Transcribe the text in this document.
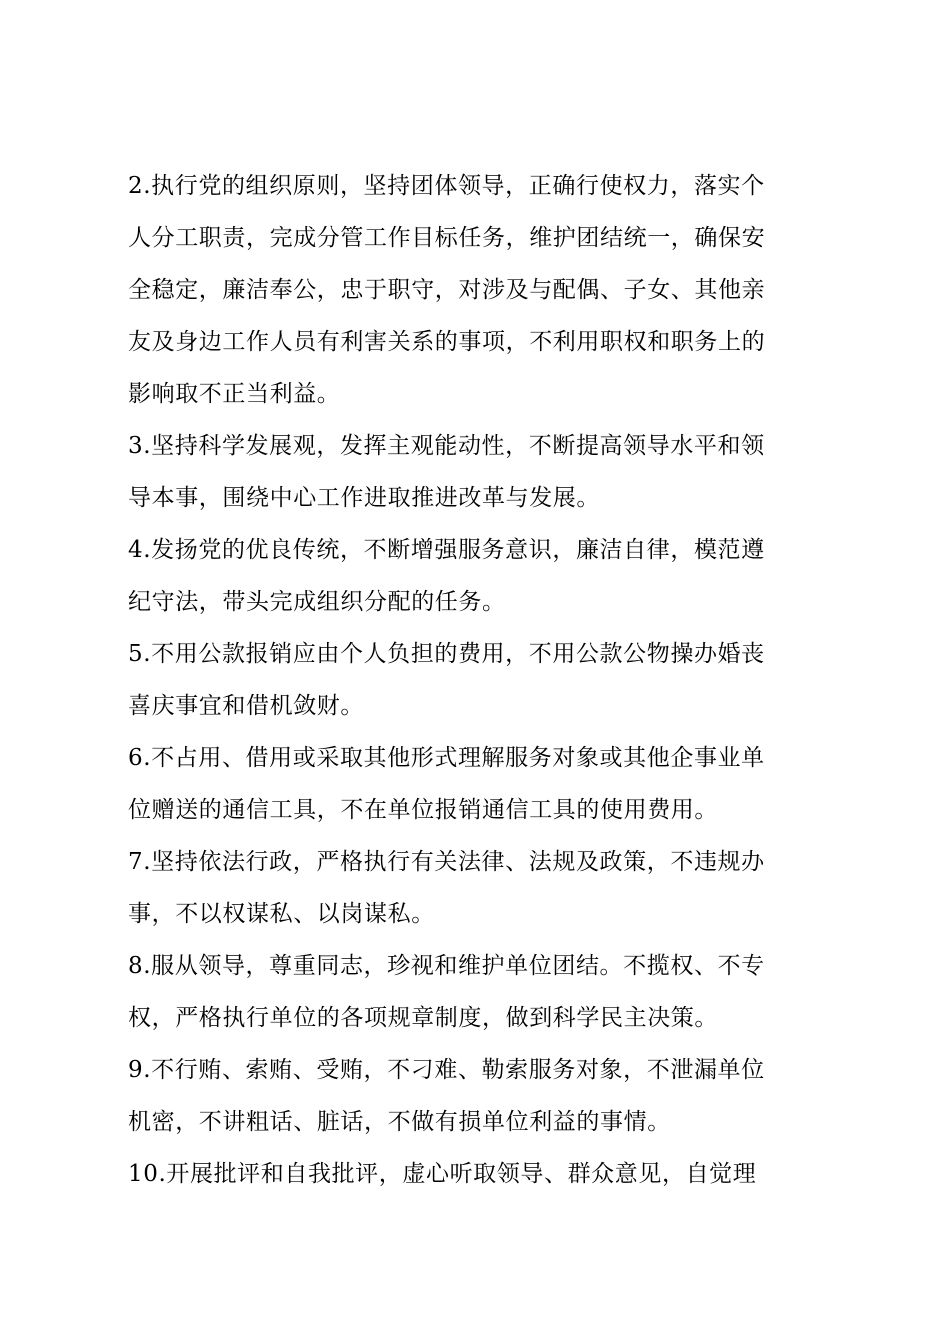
2.执行党的组织原则，坚持团体领导，正确行使权力，落实个
人分工职责，完成分管工作目标任务，维护团结统一，确保安
全稳定，廉洁奉公，忠于职守，对涉及与配偶、子女、其他亲
友及身边工作人员有利害关系的事项，不利用职权和职务上的
影响取不正当利益。
3.坚持科学发展观，发挥主观能动性，不断提高领导水平和领
导本事，围绕中心工作进取推进改革与发展。
4.发扬党的优良传统，不断增强服务意识，廉洁自律，模范遵
纪守法，带头完成组织分配的任务。
5.不用公款报销应由个人负担的费用，不用公款公物操办婚丧
喜庆事宜和借机敛财。
6.不占用、借用或采取其他形式理解服务对象或其他企事业单
位赠送的通信工具，不在单位报销通信工具的使用费用。
7.坚持依法行政，严格执行有关法律、法规及政策，不违规办
事，不以权谋私、以岗谋私。
8.服从领导，尊重同志，珍视和维护单位团结。不揽权、不专
权，严格执行单位的各项规章制度，做到科学民主决策。
9.不行贿、索贿、受贿，不刁难、勒索服务对象，不泄漏单位
机密，不讲粗话、脏话，不做有损单位利益的事情。
10.开展批评和自我批评，虚心听取领导、群众意见，自觉理
